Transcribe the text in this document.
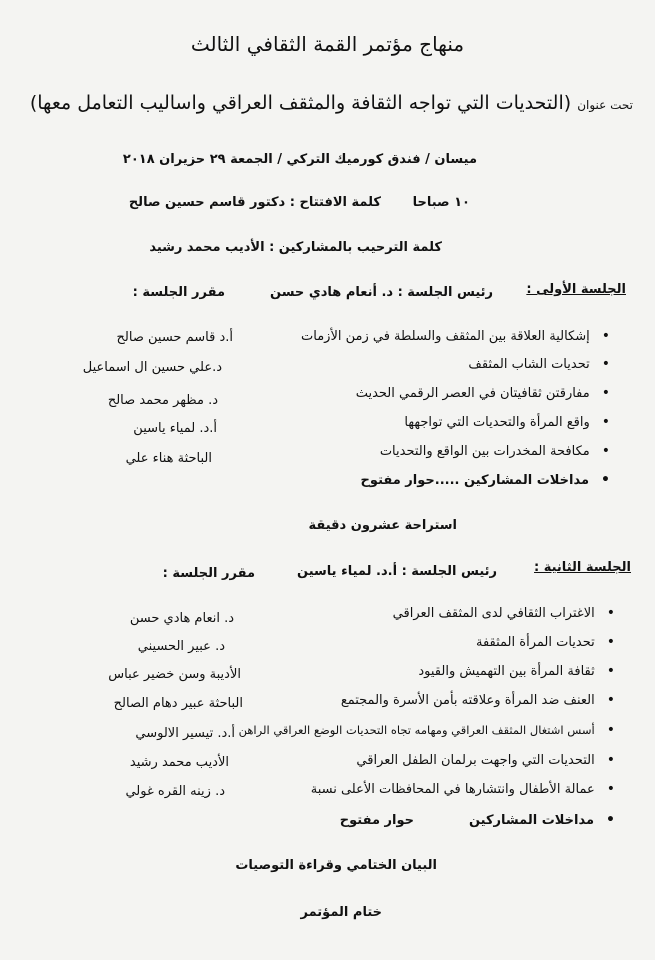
منهاج مؤتمر القمة الثقافي الثالث
تحت عنوان (التحديات التي تواجه الثقافة والمثقف العراقي واساليب التعامل معها)
ميسان / فندق كورميك التركي / الجمعة ٢٩ حزيران ٢٠١٨
١٠ صباحا
كلمة الافتتاح : دكتور قاسم حسين صالح
كلمة الترحيب بالمشاركين : الأديب محمد رشيد
الجلسة الأولى :
رئيس الجلسة : د. أنعام هادي حسن
مقرر الجلسة :
• إشكالية العلاقة بين المثقف والسلطة في زمن الأزمات
أ.د قاسم حسين صالح
• تحديات الشاب المثقف
د.علي حسين ال اسماعيل
• مفارقتن ثقافيتان في العصر الرقمي الحديث
د. مظهر محمد صالح
• واقع المرأة والتحديات التي تواجهها
أ.د. لمياء ياسين
• مكافحة المخدرات بين الواقع والتحديات
الباحثة هناء علي
• مداخلات المشاركين .....حوار مفتوح
استراحة عشرون دقيقة
الجلسة الثانية :
رئيس الجلسة : أ.د. لمياء ياسين
مقرر الجلسة :
• الاغتراب الثقافي لدى المثقف العراقي
د. انعام هادي حسن
• تحديات المرأة المثقفة
د. عبير الحسيني
• ثقافة المرأة بين التهميش والقيود
الأديبة وسن خضير عباس
• العنف ضد المرأة وعلاقته بأمن الأسرة والمجتمع
الباحثة عبير دهام الصالح
• أسس اشتغال المثقف العراقي ومهامه تجاه التحديات الوضع العراقي الراهن
أ.د. تيسير الالوسي
• التحديات التي واجهت برلمان الطفل العراقي
الأديب محمد رشيد
• عمالة الأطفال وانتشارها في المحافظات الأعلى نسبة
د. زينه القره غولي
• مداخلات المشاركين
حوار مفتوح
البيان الختامي وقراءة التوصيات
ختام المؤتمر
